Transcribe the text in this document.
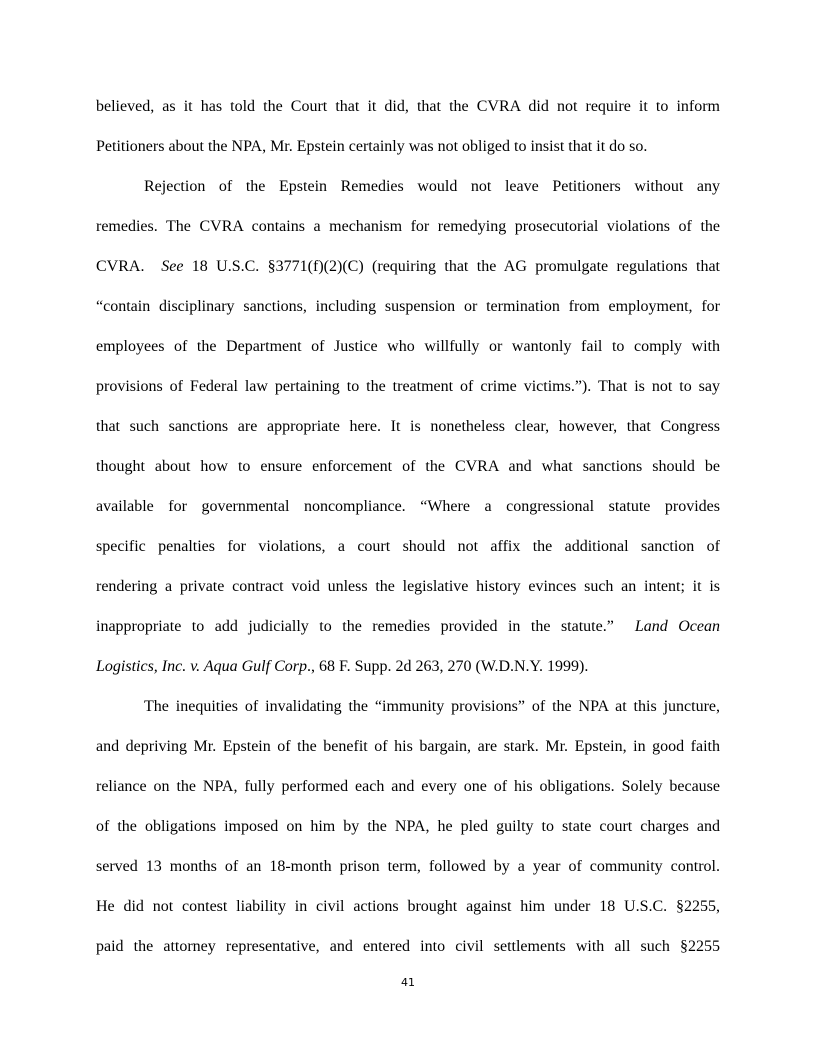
believed, as it has told the Court that it did, that the CVRA did not require it to inform
Petitioners about the NPA, Mr. Epstein certainly was not obliged to insist that it do so.
Rejection of the Epstein Remedies would not leave Petitioners without any
remedies. The CVRA contains a mechanism for remedying prosecutorial violations of the
CVRA.  See 18 U.S.C. §3771(f)(2)(C) (requiring that the AG promulgate regulations that
“contain disciplinary sanctions, including suspension or termination from employment, for
employees of the Department of Justice who willfully or wantonly fail to comply with
provisions of Federal law pertaining to the treatment of crime victims.”). That is not to say
that such sanctions are appropriate here. It is nonetheless clear, however, that Congress
thought about how to ensure enforcement of the CVRA and what sanctions should be
available for governmental noncompliance. “Where a congressional statute provides
specific penalties for violations, a court should not affix the additional sanction of
rendering a private contract void unless the legislative history evinces such an intent; it is
inappropriate to add judicially to the remedies provided in the statute.”  Land Ocean
Logistics, Inc. v. Aqua Gulf Corp., 68 F. Supp. 2d 263, 270 (W.D.N.Y. 1999).
The inequities of invalidating the “immunity provisions” of the NPA at this juncture,
and depriving Mr. Epstein of the benefit of his bargain, are stark. Mr. Epstein, in good faith
reliance on the NPA, fully performed each and every one of his obligations. Solely because
of the obligations imposed on him by the NPA, he pled guilty to state court charges and
served 13 months of an 18-month prison term, followed by a year of community control.
He did not contest liability in civil actions brought against him under 18 U.S.C. §2255,
paid the attorney representative, and entered into civil settlements with all such §2255
41
